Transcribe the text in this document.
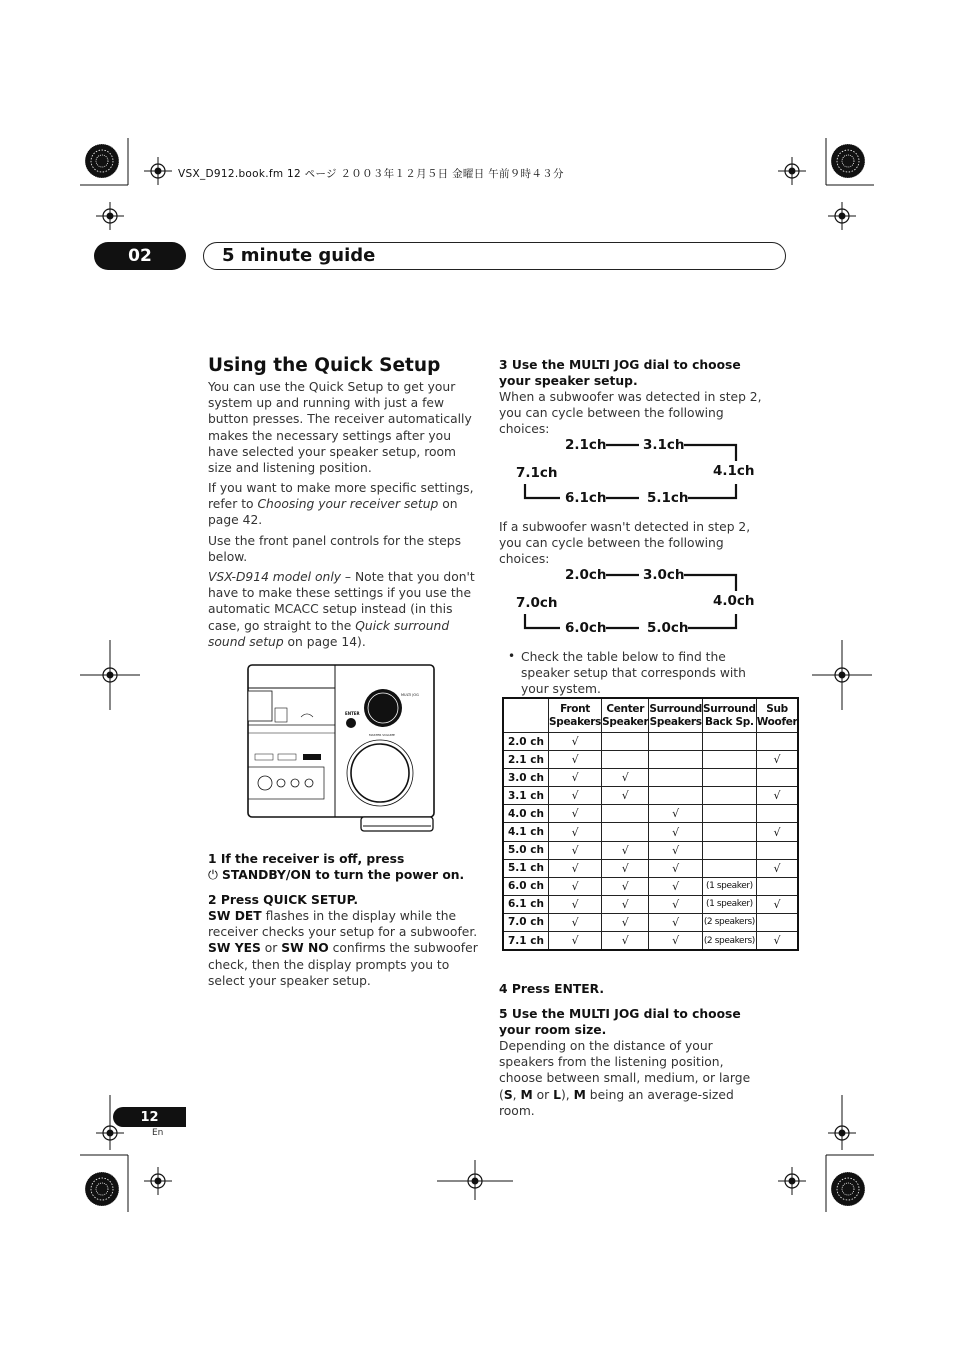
VSX_D912.book.fm 12 ページ ２００３年１２月５日 金曜日 午前９時４３分
02	5 minute guide
Using the Quick Setup

You can use the Quick Setup to get your system up and running with just a few button presses. The receiver automatically makes the necessary settings after you have selected your speaker setup, room size and listening position.

If you want to make more specific settings, refer to Choosing your receiver setup on page 42.

Use the front panel controls for the steps below.

VSX-D914 model only – Note that you don't have to make these settings if you use the automatic MCACC setup instead (in this case, go straight to the Quick surround sound setup on page 14).

ENTER
MULTI JOG
MASTER VOLUME

1 If the receiver is off, press
⏻ STANDBY/ON to turn the power on.

2 Press QUICK SETUP.

SW DET flashes in the display while the receiver checks your setup for a subwoofer. SW YES or SW NO confirms the subwoofer check, then the display prompts you to select your speaker setup.

3 Use the MULTI JOG dial to choose your speaker setup.

When a subwoofer was detected in step 2, you can cycle between the following choices:

2.1ch	3.1ch
4.1ch
5.1ch
6.1ch
7.1ch

If a subwoofer wasn't detected in step 2, you can cycle between the following choices:

2.0ch	3.0ch
4.0ch
5.0ch
6.0ch
7.0ch
• Check the table below to find the speaker setup that corresponds with your system.

	Front
Speakers	Center
Speaker	Surround
Speakers	Surround
Back Sp.	Sub
Woofer
2.0 ch	√				
2.1 ch	√				√
3.0 ch	√	√			
3.1 ch	√	√			√
4.0 ch	√		√		
4.1 ch	√		√		√
5.0 ch	√	√	√		
5.1 ch	√	√	√		√
6.0 ch	√	√	√	(1 speaker)	
6.1 ch	√	√	√	(1 speaker)	√
7.0 ch	√	√	√	(2 speakers)	
7.1 ch	√	√	√	(2 speakers)	√

4 Press ENTER.

5 Use the MULTI JOG dial to choose your room size.

Depending on the distance of your speakers from the listening position, choose between small, medium, or large (S, M or L), M being an average-sized room.

12
En
